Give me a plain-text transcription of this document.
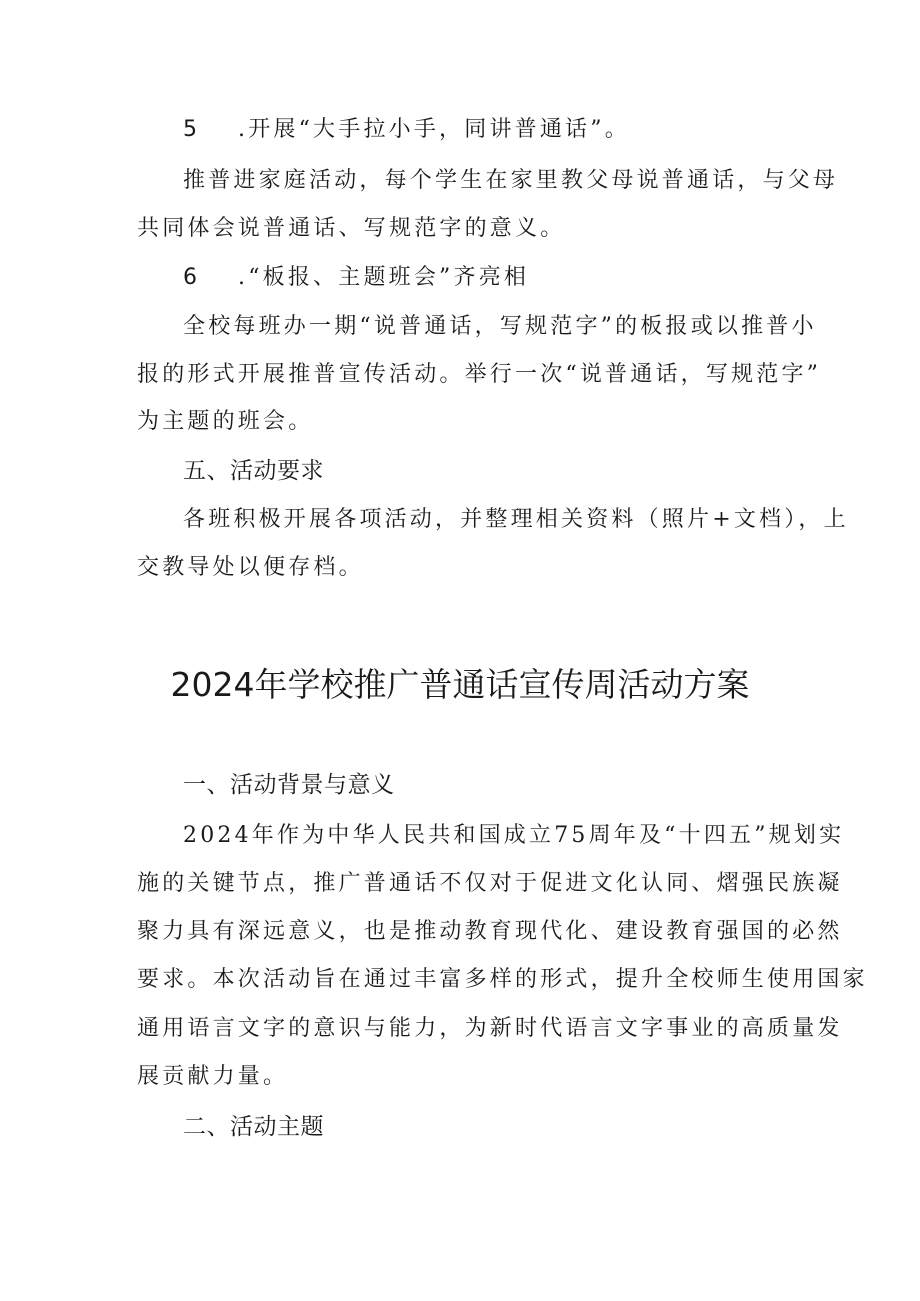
5 .开展“大手拉小手，同讲普通话”。
推普进家庭活动，每个学生在家里教父母说普通话，与父母
共同体会说普通话、写规范字的意义。
6 .“板报、主题班会”齐亮相
全校每班办一期“说普通话，写规范字”的板报或以推普小
报的形式开展推普宣传活动。举行一次“说普通话，写规范字”
为主题的班会。
五、活动要求
各班积极开展各项活动，并整理相关资料（照片+文档），上
交教导处以便存档。
2024年学校推广普通话宣传周活动方案
一、活动背景与意义
2024年作为中华人民共和国成立75周年及“十四五”规划实
施的关键节点，推广普通话不仅对于促进文化认同、熠强民族凝
聚力具有深远意义，也是推动教育现代化、建设教育强国的必然
要求。本次活动旨在通过丰富多样的形式，提升全校师生使用国家
通用语言文字的意识与能力，为新时代语言文字事业的高质量发
展贡献力量。
二、活动主题
